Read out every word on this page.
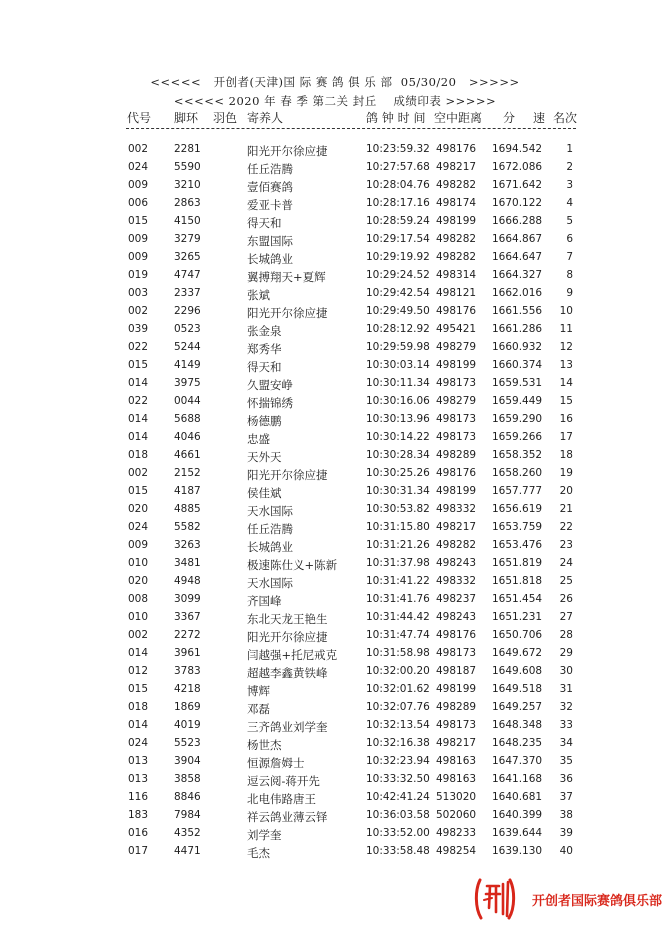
<<<<< 开创者(天津)国 际 赛 鸽 俱 乐 部 05/30/20 >>>>>
<<<<< 2020 年 春 季 第二关 封丘 成绩印表 >>>>>
代号 脚环 羽色 寄养人	鸽 钟 时 间 空中距离 分 速 名次
002 2281	阳光开尔徐应捷	10:23:59.32 498176 1694.542	1
024 5590	任丘浩腾	10:27:57.68 498217 1672.086	2
009 3210	壹佰赛鸽	10:28:04.76 498282 1671.642	3
006 2863	爱亚卡普	10:28:17.16 498174 1670.122	4
015 4150	得天和	10:28:59.24 498199 1666.288	5
009 3279	东盟国际	10:29:17.54 498282 1664.867	6
009 3265	长城鸽业	10:29:19.92 498282 1664.647	7
019 4747	翼搏翔天+夏辉	10:29:24.52 498314 1664.327	8
003 2337	张斌	10:29:42.54 498121 1662.016	9
002 2296	阳光开尔徐应捷	10:29:49.50 498176 1661.556	10
039 0523	张金泉	10:28:12.92 495421 1661.286	11
022 5244	郑秀华	10:29:59.98 498279 1660.932	12
015 4149	得天和	10:30:03.14 498199 1660.374	13
014 3975	久盟安峥	10:30:11.34 498173 1659.531	14
022 0044	怀揣锦绣	10:30:16.06 498279 1659.449	15
014 5688	杨德鹏	10:30:13.96 498173 1659.290	16
014 4046	忠盛	10:30:14.22 498173 1659.266	17
018 4661	天外天	10:30:28.34 498289 1658.352	18
002 2152	阳光开尔徐应捷	10:30:25.26 498176 1658.260	19
015 4187	侯佳斌	10:30:31.34 498199 1657.777	20
020 4885	天水国际	10:30:53.82 498332 1656.619	21
024 5582	任丘浩腾	10:31:15.80 498217 1653.759	22
009 3263	长城鸽业	10:31:21.26 498282 1653.476	23
010 3481	极速陈仕义+陈新	10:31:37.98 498243 1651.819	24
020 4948	天水国际	10:31:41.22 498332 1651.818	25
008 3099	齐国峰	10:31:41.76 498237 1651.454	26
010 3367	东北天龙王艳生	10:31:44.42 498243 1651.231	27
002 2272	阳光开尔徐应捷	10:31:47.74 498176 1650.706	28
014 3961	闫越强+托尼戒克	10:31:58.98 498173 1649.672	29
012 3783	超越李鑫黄铁峰	10:32:00.20 498187 1649.608	30
015 4218	博辉	10:32:01.62 498199 1649.518	31
018 1869	邓磊	10:32:07.76 498289 1649.257	32
014 4019	三齐鸽业刘学奎	10:32:13.54 498173 1648.348	33
024 5523	杨世杰	10:32:16.38 498217 1648.235	34
013 3904	恒源詹姆士	10:32:23.94 498163 1647.370	35
013 3858	逗云阅-蒋开先	10:33:32.50 498163 1641.168	36
116 8846	北电伟路唐王	10:42:41.24 513020 1640.681	37
183 7984	祥云鸽业薄云铎	10:36:03.58 502060 1640.399	38
016 4352	刘学奎	10:33:52.00 498233 1639.644	39
017 4471	毛杰	10:33:58.48 498254 1639.130	40
开创者国际赛鸽俱乐部
